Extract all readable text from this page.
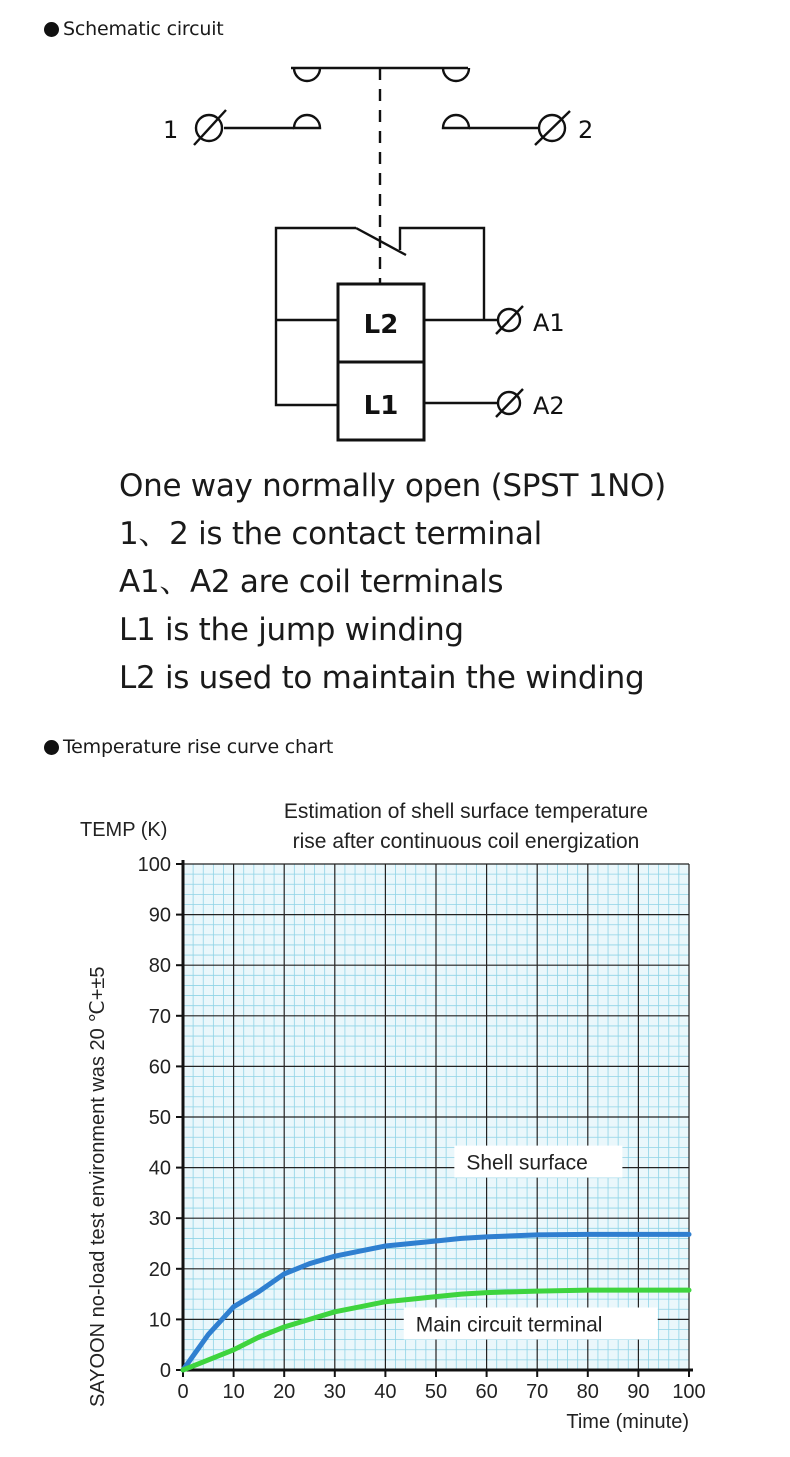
Schematic circuit
1	2
L2
L1
A1
A2
One way normally open (SPST 1NO)
1、2 is the contact terminal
A1、A2 are coil terminals
L1 is the jump winding
L2 is used to maintain the winding
Temperature rise curve chart
Estimation of shell surface temperature
rise after continuous coil energization
TEMP (K)
SAYOON no-load test environment was 20 ℃+±5
Time (minute)
0
10
20
30
40
50
60
70
80
90
100
0 10 20 30 40 50 60 70 80 90 100
Shell surface
Main circuit terminal
